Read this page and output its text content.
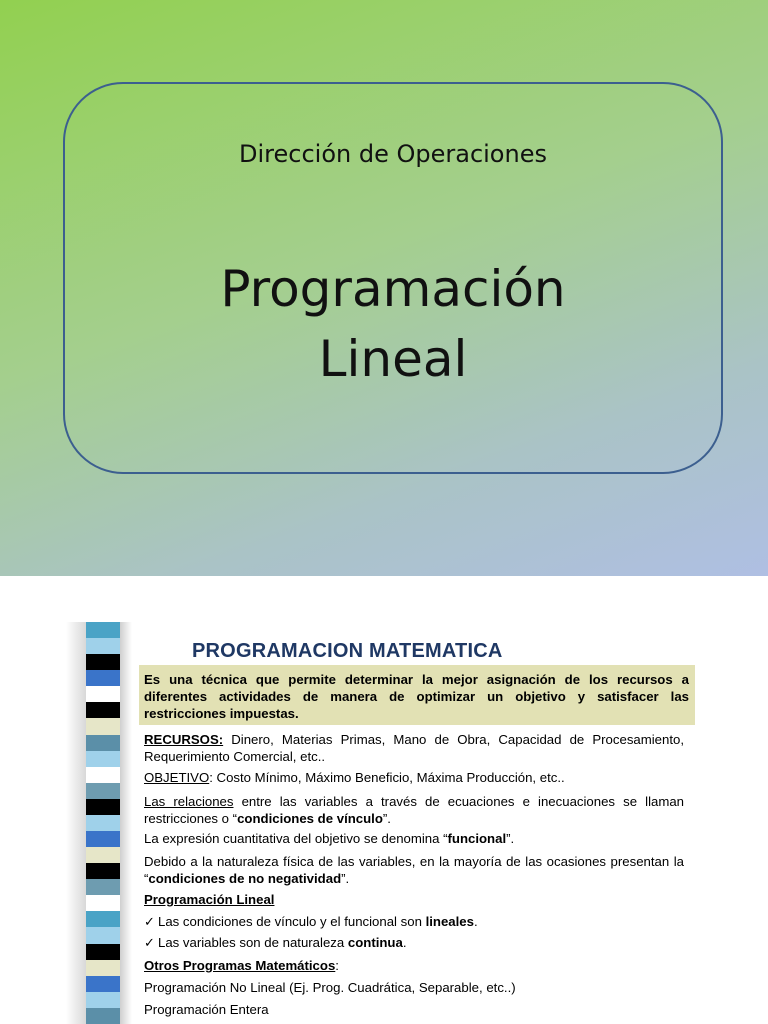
Dirección de Operaciones
Programación
Lineal
PROGRAMACION MATEMATICA
Es una técnica que permite determinar la mejor asignación de los recursos a diferentes actividades de manera de optimizar un objetivo y satisfacer las restricciones impuestas.
RECURSOS: Dinero, Materias Primas, Mano de Obra, Capacidad de Procesamiento, Requerimiento Comercial, etc..
OBJETIVO: Costo Mínimo, Máximo Beneficio, Máxima Producción, etc..
Las relaciones entre las variables a través de ecuaciones e inecuaciones se llaman restricciones o “condiciones de vínculo”.
La expresión cuantitativa del objetivo se denomina “funcional”.
Debido a la naturaleza física de las variables, en la mayoría de las ocasiones presentan la “condiciones de no negatividad”.
Programación Lineal
✓ Las condiciones de vínculo y el funcional son lineales.
✓ Las variables son de naturaleza continua.
Otros Programas Matemáticos:
Programación No Lineal (Ej. Prog. Cuadrática, Separable, etc..)
Programación Entera
